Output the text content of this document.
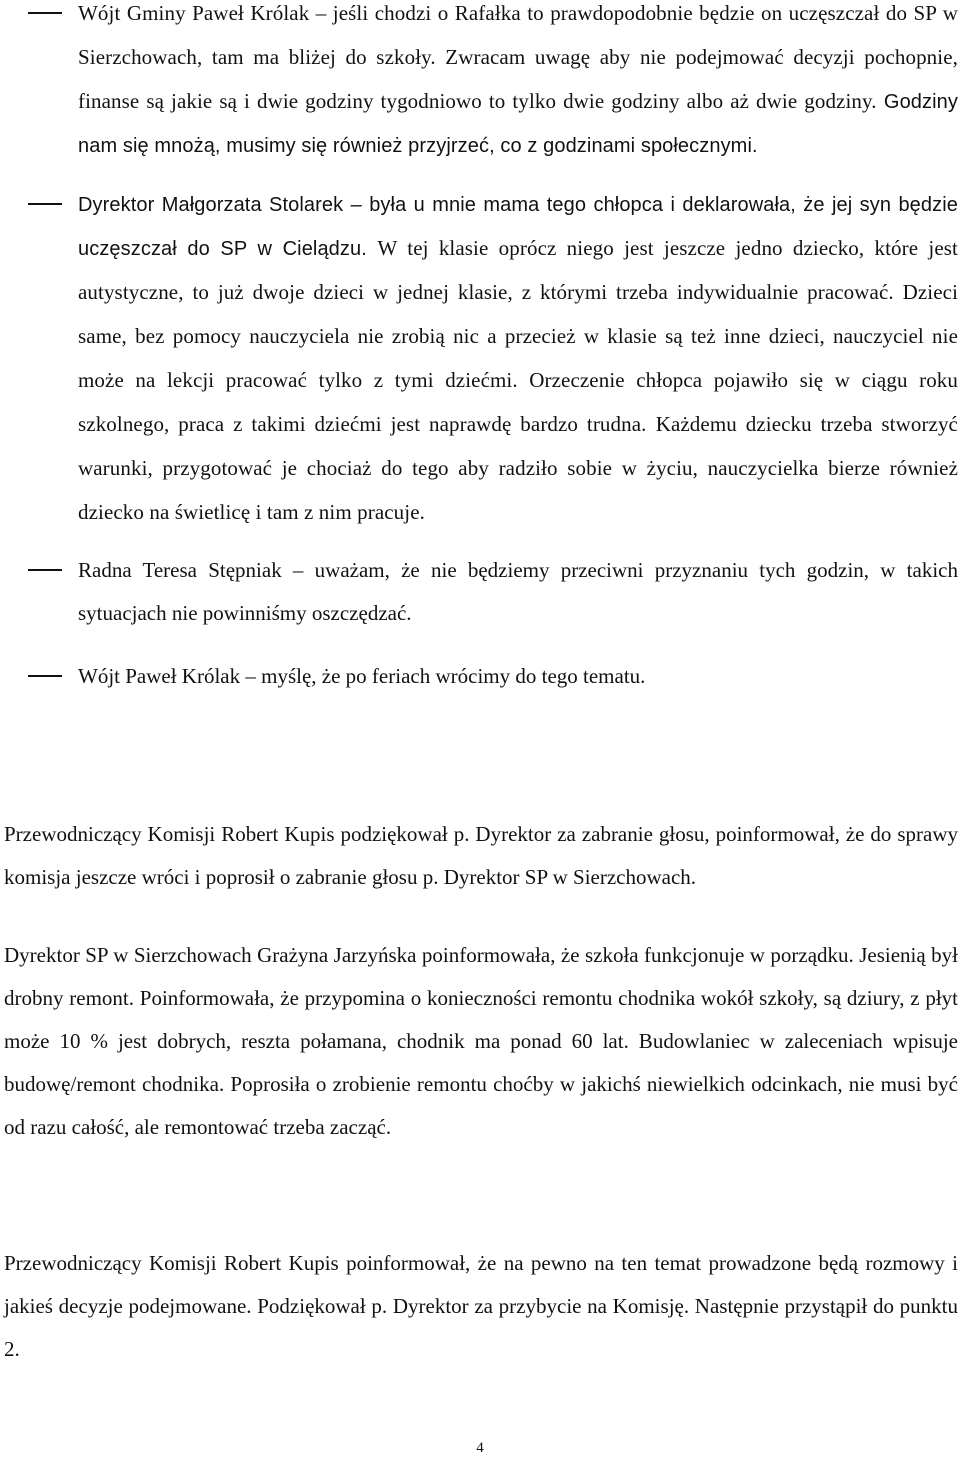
Wójt Gminy Paweł Królak – jeśli chodzi o Rafałka to prawdopodobnie będzie on uczęszczał do SP w Sierzchowach, tam ma bliżej do szkoły. Zwracam uwagę aby nie podejmować decyzji pochopnie, finanse są jakie są i dwie godziny tygodniowo to tylko dwie godziny albo aż dwie godziny. Godziny nam się mnożą, musimy się również przyjrzeć, co z godzinami społecznymi.
Dyrektor Małgorzata Stolarek – była u mnie mama tego chłopca i deklarowała, że jej syn będzie uczęszczał do SP w Cielądzu. W tej klasie oprócz niego jest jeszcze jedno dziecko, które jest autystyczne, to już dwoje dzieci w jednej klasie, z którymi trzeba indywidualnie pracować. Dzieci same, bez pomocy nauczyciela nie zrobią nic a przecież w klasie są też inne dzieci, nauczyciel nie może na lekcji pracować tylko z tymi dziećmi. Orzeczenie chłopca pojawiło się w ciągu roku szkolnego, praca z takimi dziećmi jest naprawdę bardzo trudna. Każdemu dziecku trzeba stworzyć warunki, przygotować je chociaż do tego aby radziło sobie w życiu, nauczycielka bierze również dziecko na świetlicę i tam z nim pracuje.
Radna Teresa Stępniak – uważam, że nie będziemy przeciwni przyznaniu tych godzin, w takich sytuacjach nie powinniśmy oszczędzać.
Wójt Paweł Królak – myślę, że po feriach wrócimy do tego tematu.
Przewodniczący Komisji Robert Kupis podziękował p. Dyrektor za zabranie głosu, poinformował, że do sprawy komisja jeszcze wróci i poprosił o zabranie głosu p. Dyrektor SP w Sierzchowach.
Dyrektor SP w Sierzchowach Grażyna Jarzyńska poinformowała, że szkoła funkcjonuje w porządku. Jesienią był drobny remont. Poinformowała, że przypomina o konieczności remontu chodnika wokół szkoły, są dziury, z płyt może 10 % jest dobrych, reszta połamana, chodnik ma ponad 60 lat. Budowlaniec w zaleceniach wpisuje budowę/remont chodnika. Poprosiła o zrobienie remontu choćby w jakichś niewielkich odcinkach, nie musi być od razu całość, ale remontować trzeba zacząć.
Przewodniczący Komisji Robert Kupis poinformował, że na pewno na ten temat prowadzone będą rozmowy i jakieś decyzje podejmowane. Podziękował p. Dyrektor za przybycie na Komisję. Następnie przystąpił do punktu 2.
4
